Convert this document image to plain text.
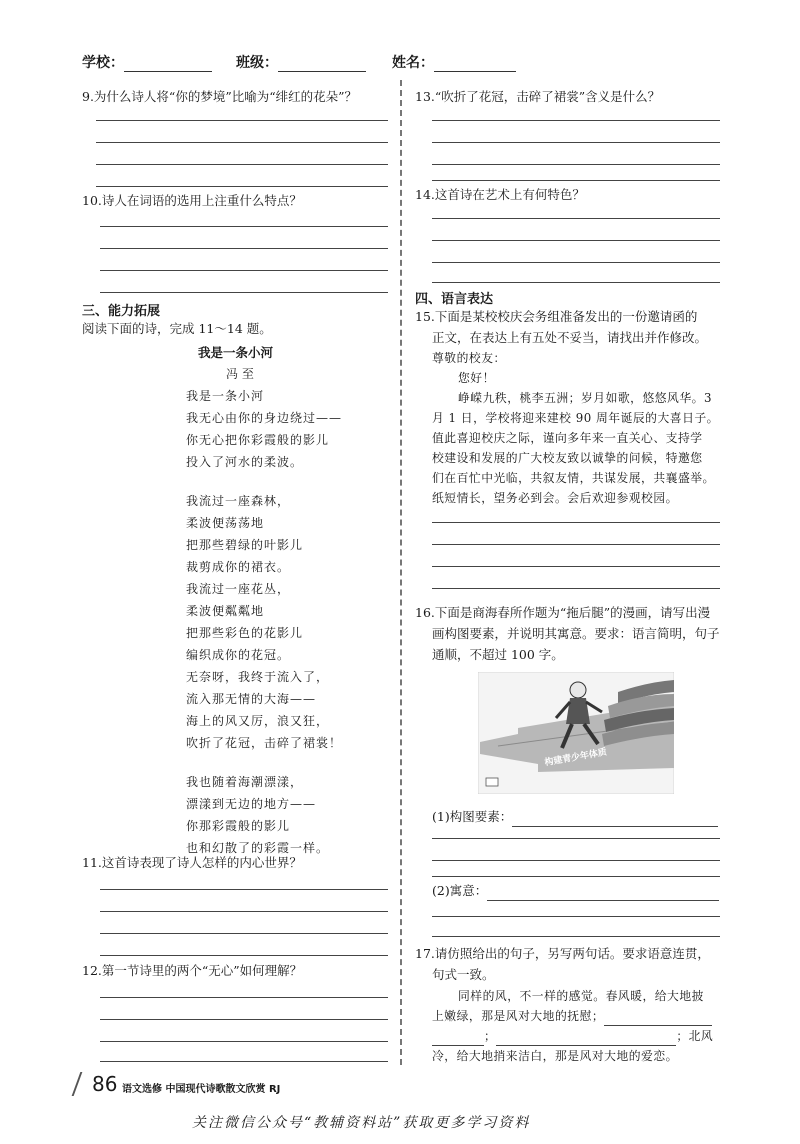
学校：	班级：	姓名：
9.为什么诗人将“你的梦境”比喻为“绯红的花朵”？
10.诗人在词语的选用上注重什么特点？
三、能力拓展
阅读下面的诗，完成 11～14 题。
我是一条小河
冯 至
我是一条小河
我无心由你的身边绕过——
你无心把你彩霞般的影儿
投入了河水的柔波。
我流过一座森林，
柔波便荡荡地
把那些碧绿的叶影儿
裁剪成你的裙衣。
我流过一座花丛，
柔波便粼粼地
把那些彩色的花影儿
编织成你的花冠。
无奈呀，我终于流入了，
流入那无情的大海——
海上的风又厉，浪又狂，
吹折了花冠，击碎了裙裳！
我也随着海潮漂漾，
漂漾到无边的地方——
你那彩霞般的影儿
也和幻散了的彩霞一样。
11.这首诗表现了诗人怎样的内心世界？
12.第一节诗里的两个“无心”如何理解？
13.“吹折了花冠，击碎了裙裳”含义是什么？
14.这首诗在艺术上有何特色？
四、语言表达
15.下面是某校校庆会务组准备发出的一份邀请函的
正文，在表达上有五处不妥当，请找出并作修改。
尊敬的校友：
您好！
峥嵘九秩，桃李五洲；岁月如歌，悠悠风华。3
月 1 日，学校将迎来建校 90 周年诞辰的大喜日子。
值此喜迎校庆之际，谨向多年来一直关心、支持学
校建设和发展的广大校友致以诚挚的问候，特邀您
们在百忙中光临，共叙友情，共谋发展，共襄盛举。
纸短情长，望务必到会。会后欢迎参观校园。
16.下面是商海春所作题为“拖后腿”的漫画，请写出漫
画构图要素，并说明其寓意。要求：语言简明，句子
通顺，不超过 100 字。
构建青少年体质
(1)构图要素：
(2)寓意：
17.请仿照给出的句子，另写两句话。要求语意连贯，
句式一致。
同样的风，不一样的感觉。春风暖，给大地披
上嫩绿，那是风对大地的抚慰；
；	；北风
冷，给大地捎来洁白，那是风对大地的爱恋。
86 语文选修 中国现代诗歌散文欣赏 RJ
关注微信公众号“教辅资料站”获取更多学习资料
